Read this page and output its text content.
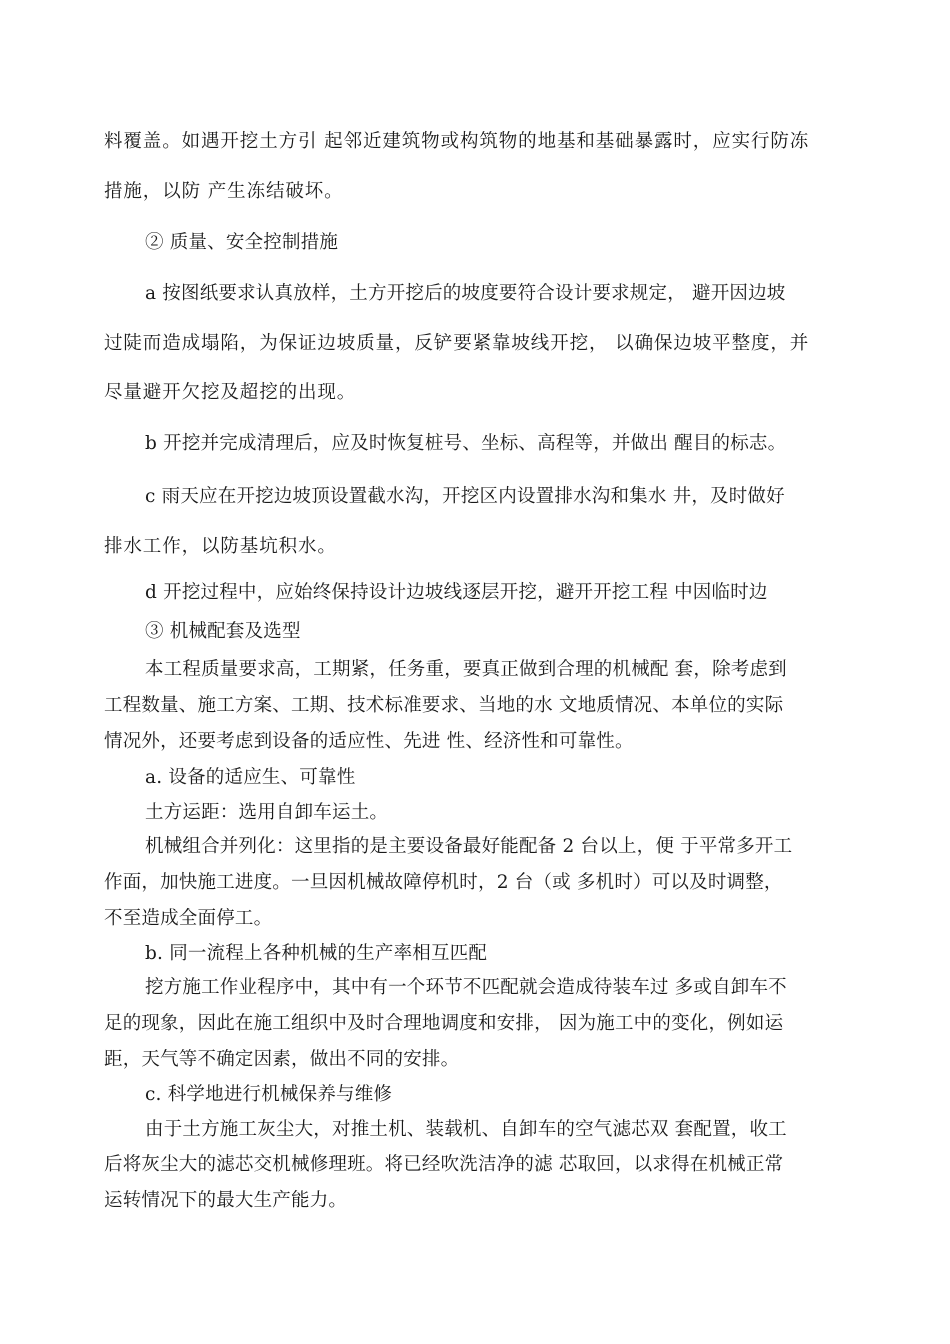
料覆盖。如遇开挖土方引 起邻近建筑物或构筑物的地基和基础暴露时，应实行防冻
措施，以防 产生冻结破坏。
② 质量、安全控制措施
a 按图纸要求认真放样，土方开挖后的坡度要符合设计要求规定， 避开因边坡
过陡而造成塌陷，为保证边坡质量，反铲要紧靠坡线开挖， 以确保边坡平整度，并
尽量避开欠挖及超挖的出现。
b 开挖并完成清理后，应及时恢复桩号、坐标、高程等，并做出 醒目的标志。
c 雨天应在开挖边坡顶设置截水沟，开挖区内设置排水沟和集水 井，及时做好
排水工作，以防基坑积水。
d 开挖过程中，应始终保持设计边坡线逐层开挖，避开开挖工程 中因临时边
③ 机械配套及选型
本工程质量要求高，工期紧，任务重，要真正做到合理的机械配 套，除考虑到
工程数量、施工方案、工期、技术标准要求、当地的水 文地质情况、本单位的实际
情况外，还要考虑到设备的适应性、先进 性、经济性和可靠性。
a. 设备的适应生、可靠性
土方运距：选用自卸车运土。
机械组合并列化：这里指的是主要设备最好能配备 2 台以上，便 于平常多开工
作面，加快施工进度。一旦因机械故障停机时，2 台（或 多机时）可以及时调整，
不至造成全面停工。
b. 同一流程上各种机械的生产率相互匹配
挖方施工作业程序中，其中有一个环节不匹配就会造成待装车过 多或自卸车不
足的现象，因此在施工组织中及时合理地调度和安排， 因为施工中的变化，例如运
距，天气等不确定因素，做出不同的安排。
c. 科学地进行机械保养与维修
由于土方施工灰尘大，对推土机、装载机、自卸车的空气滤芯双 套配置，收工
后将灰尘大的滤芯交机械修理班。将已经吹洗洁净的滤 芯取回，以求得在机械正常
运转情况下的最大生产能力。
